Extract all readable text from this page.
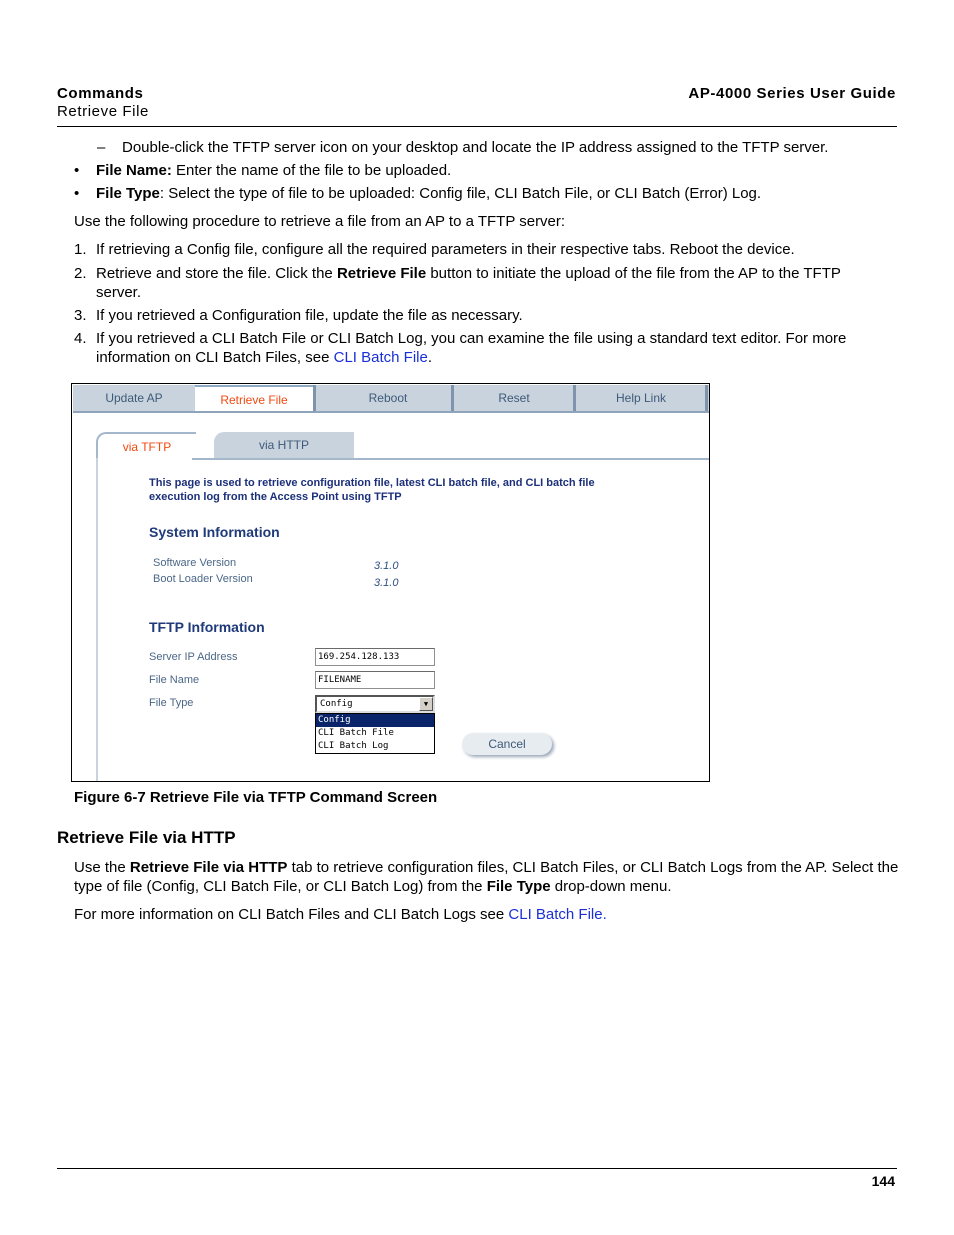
Commands
Retrieve File
AP-4000 Series User Guide
– Double-click the TFTP server icon on your desktop and locate the IP address assigned to the TFTP server.
• File Name: Enter the name of the file to be uploaded.
• File Type: Select the type of file to be uploaded: Config file, CLI Batch File, or CLI Batch (Error) Log.
Use the following procedure to retrieve a file from an AP to a TFTP server:
1. If retrieving a Config file, configure all the required parameters in their respective tabs. Reboot the device.
2. Retrieve and store the file. Click the Retrieve File button to initiate the upload of the file from the AP to the TFTP server.
3. If you retrieved a Configuration file, update the file as necessary.
4. If you retrieved a CLI Batch File or CLI Batch Log, you can examine the file using a standard text editor. For more information on CLI Batch Files, see CLI Batch File.
Update AP	Retrieve File	Reboot	Reset	Help Link
via TFTP	via HTTP
This page is used to retrieve configuration file, latest CLI batch file, and CLI batch file execution log from the Access Point using TFTP
System Information
Software Version	3.1.0
Boot Loader Version	3.1.0
TFTP Information
Server IP Address	169.254.128.133
File Name	FILENAME
File Type	Config	▼
Config
CLI Batch File
CLI Batch Log	Cancel
Figure 6-7 Retrieve File via TFTP Command Screen
Retrieve File via HTTP
Use the Retrieve File via HTTP tab to retrieve configuration files, CLI Batch Files, or CLI Batch Logs from the AP. Select the type of file (Config, CLI Batch File, or CLI Batch Log) from the File Type drop-down menu.
For more information on CLI Batch Files and CLI Batch Logs see CLI Batch File.
144
